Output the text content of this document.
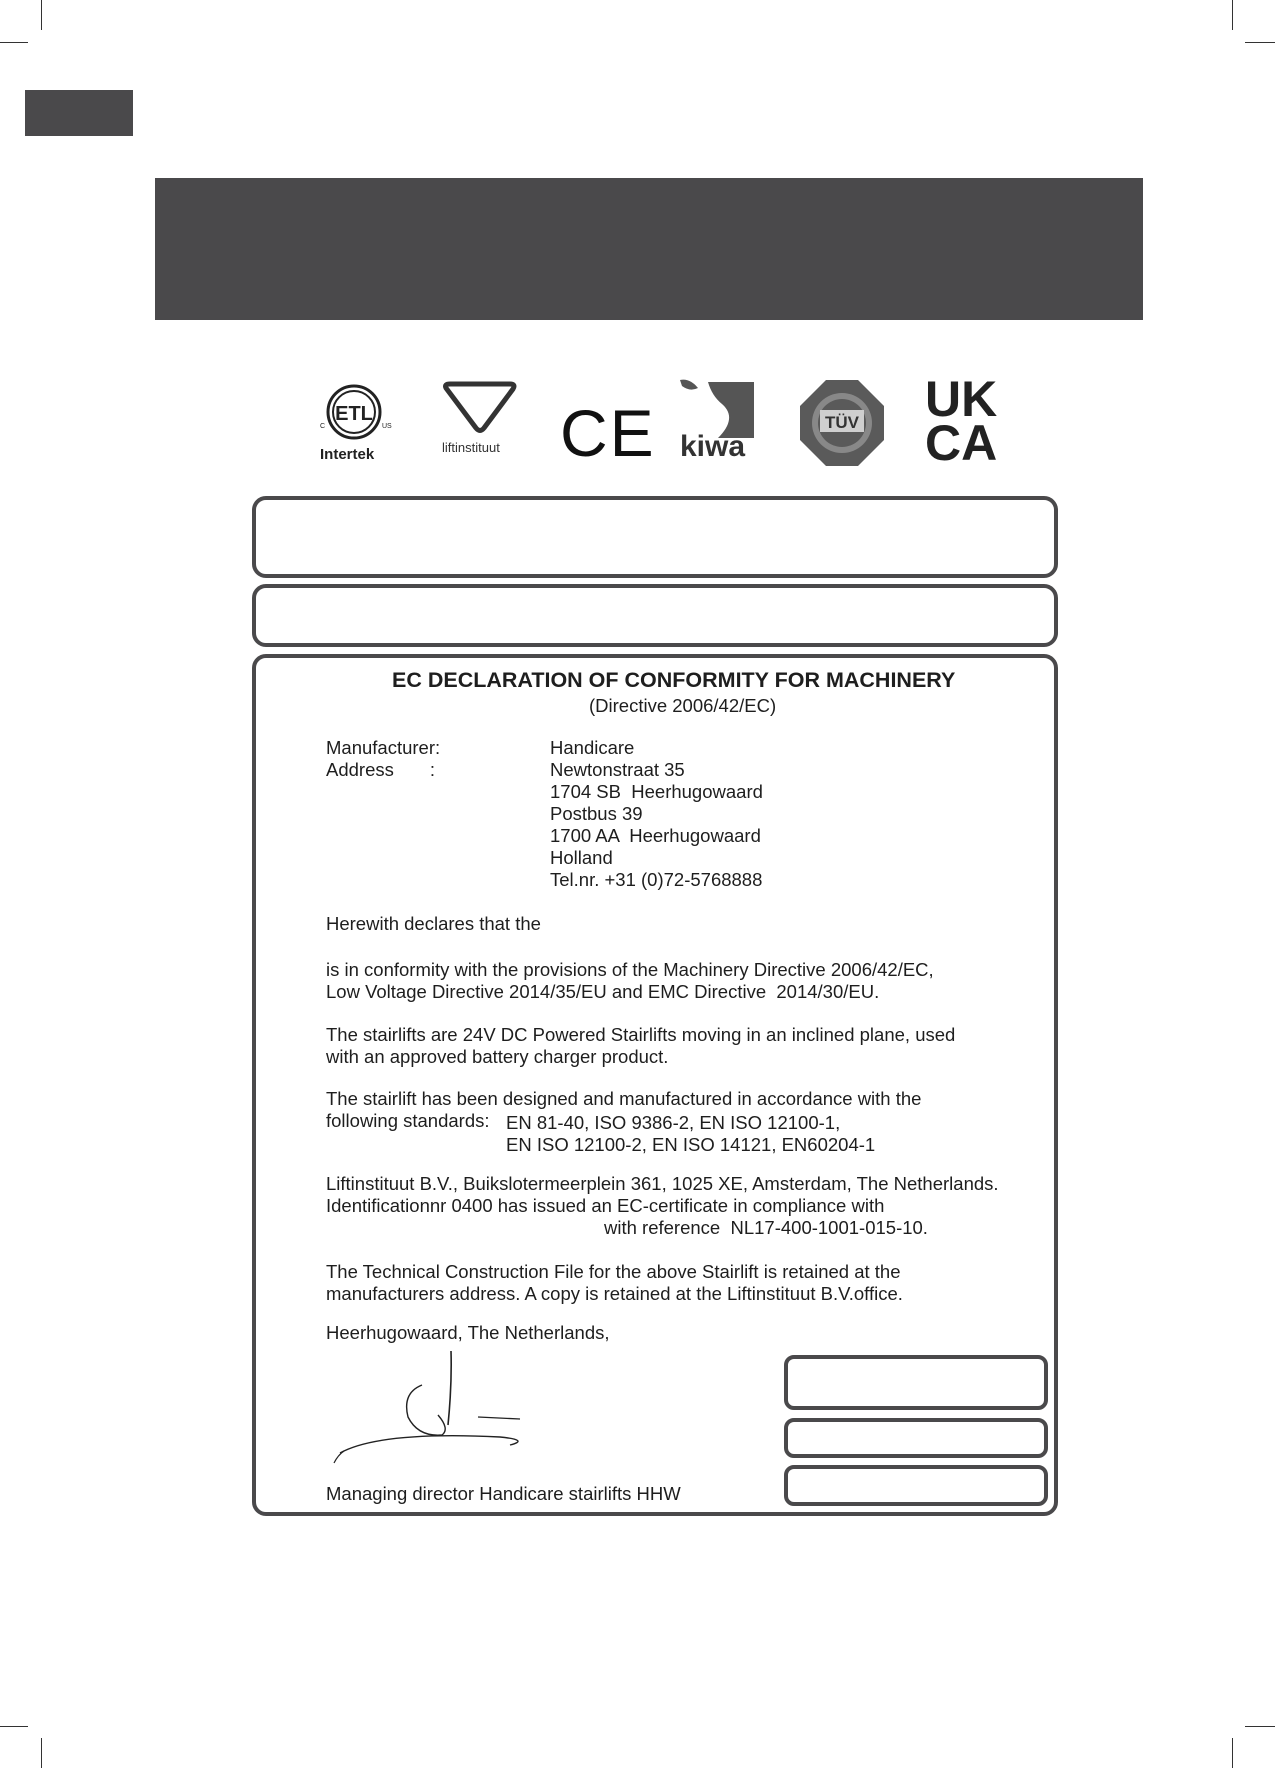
ETL
C	US
Intertek	liftinstituut CE kiwa
TÜV UK
CA
EC DECLARATION OF CONFORMITY FOR MACHINERY
(Directive 2006/42/EC)
Manufacturer:
Address       :
Handicare
Newtonstraat 35
1704 SB  Heerhugowaard
Postbus 39
1700 AA  Heerhugowaard
Holland
Tel.nr. +31 (0)72-5768888
Herewith declares that the
is in conformity with the provisions of the Machinery Directive 2006/42/EC,
Low Voltage Directive 2014/35/EU and EMC Directive  2014/30/EU.
The stairlifts are 24V DC Powered Stairlifts moving in an inclined plane, used
with an approved battery charger product.
The stairlift has been designed and manufactured in accordance with the
following standards: EN 81-40, ISO 9386-2, EN ISO 12100-1,
EN ISO 12100-2, EN ISO 14121, EN60204-1
Liftinstituut B.V., Buikslotermeerplein 361, 1025 XE, Amsterdam, The Netherlands.
Identificationnr 0400 has issued an EC-certificate in compliance with
with reference  NL17-400-1001-015-10.
The Technical Construction File for the above Stairlift is retained at the
manufacturers address. A copy is retained at the Liftinstituut B.V.office.
Heerhugowaard, The Netherlands,
Managing director Handicare stairlifts HHW
